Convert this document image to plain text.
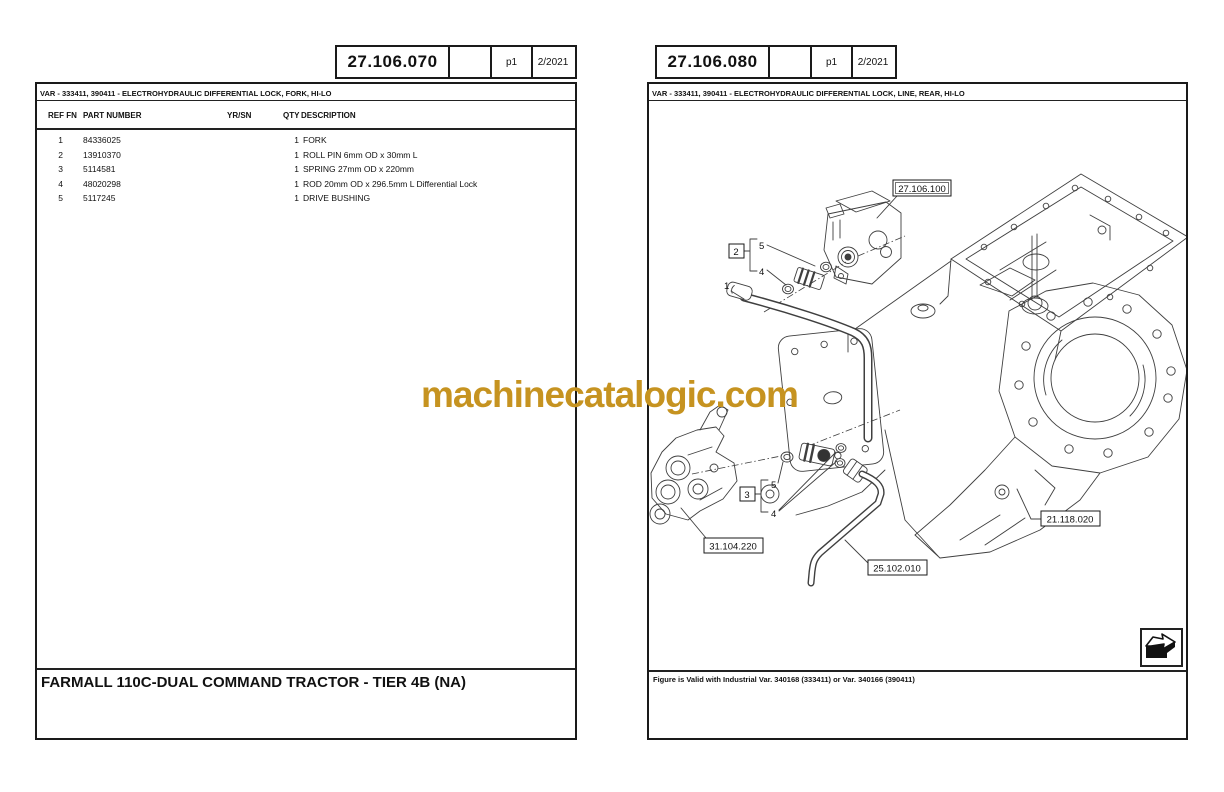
27.106.070	p1	2/2021	27.106.080	p1	2/2021
VAR - 333411, 390411 - ELECTROHYDRAULIC DIFFERENTIAL LOCK, FORK, HI-LO
REF FN PART NUMBER	YR/SN	QTY DESCRIPTION
1 84336025	1 FORK
2 13910370	1 ROLL PIN 6mm OD x 30mm L
3 5114581	1 SPRING 27mm OD x 220mm
4 48020298	1 ROD 20mm OD x 296.5mm L Differential Lock
5 5117245	1 DRIVE BUSHING
FARMALL 110C-DUAL COMMAND TRACTOR - TIER 4B (NA)
VAR - 333411, 390411 - ELECTROHYDRAULIC DIFFERENTIAL LOCK, LINE, REAR, HI-LO
27.106.100
2
5
4
1
3
5
4
31.104.220
25.102.010
21.118.020
Figure is Valid with Industrial Var. 340168 (333411) or Var. 340166 (390411)
machinecatalogic.com
